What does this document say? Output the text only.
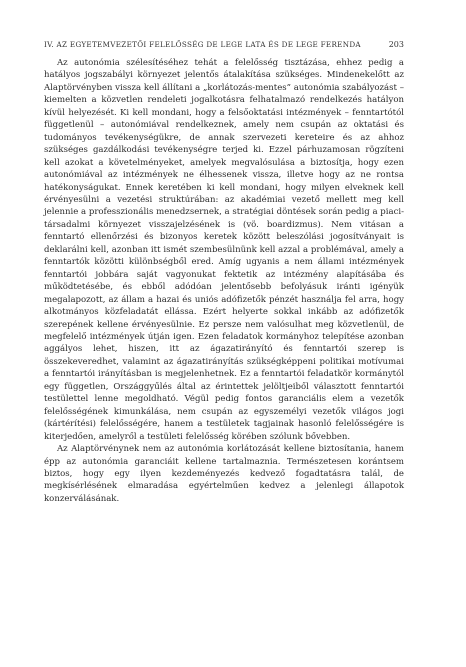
IV. AZ EGYETEMVEZETŐI FELELŐSSÉG DE LEGE LATA ÉS DE LEGE FERENDA	203

Az autonómia szélesítéséhez tehát a felelősség tisztázása, ehhez pedig a hatályos jogszabályi környezet jelentős átalakítása szükséges. Mindenekelőtt az Alaptörvényben vissza kell állítani a „korlátozás-mentes” autonómia szabályozást – kiemelten a közvetlen rendeleti jogalkotásra felhatalmazó rendelkezés hatályon kívül helyezését. Ki kell mondani, hogy a felsőoktatási intézmények – fenntartótól függetlenül – autonómiával rendelkeznek, amely nem csupán az oktatási és tudományos tevékenységükre, de annak szervezeti kereteire és az ahhoz szükséges gazdálkodási tevékenységre terjed ki. Ezzel párhuzamosan rögzíteni kell azokat a követelményeket, amelyek megvalósulása a biztosítja, hogy ezen autonómiával az intézmények ne élhessenek vissza, illetve hogy az ne rontsa hatékonyságukat. Ennek keretében ki kell mondani, hogy milyen elveknek kell érvényesülni a vezetési struktúrában: az akadémiai vezető mellett meg kell jelennie a professzionális menedzsernek, a stratégiai döntések során pedig a piaci-társadalmi környezet visszajelzésének is (vö. boardizmus). Nem vitásan a fenntartó ellenőrzési és bizonyos keretek között beleszólási jogosítványait is deklarálni kell, azonban itt ismét szembesülnünk kell azzal a problémával, amely a fenntartók közötti különbségből ered. Amíg ugyanis a nem állami intézmények fenntartói jobbára saját vagyonukat fektetik az intézmény alapításába és működtetésébe, és ebből adódóan jelentősebb befolyásuk iránti igényük megalapozott, az állam a hazai és uniós adófizetők pénzét használja fel arra, hogy alkotmányos közfeladatát ellássa. Ezért helyerte sokkal inkább az adófizetők szerepének kellene érvényesülnie. Ez persze nem valósulhat meg közvetlenül, de megfelelő intézmények útján igen. Ezen feladatok kormányhoz telepítése azonban aggályos lehet, hiszen, itt az ágazatirányító és fenntartói szerep is összekeveredhet, valamint az ágazatirányítás szükségképpeni politikai motívumai a fenntartói irányításban is megjelenhetnek. Ez a fenntartói feladatkör kormánytól egy független, Országgyűlés által az érintettek jelöltjeiből választott fenntartói testülettel lenne megoldható. Végül pedig fontos garanciális elem a vezetők felelősségének kimunkálása, nem csupán az egyszemélyi vezetők világos jogi (kártérítési) felelősségére, hanem a testületek tagjainak hasonló felelősségére is kiterjedően, amelyről a testületi felelősség körében szólunk bővebben.

Az Alaptörvénynek nem az autonómia korlátozását kellene biztosítania, hanem épp az autonómia garanciáit kellene tartalmaznia. Természetesen korántsem biztos, hogy egy ilyen kezdeményezés kedvező fogadtatásra talál, de megkísérlésének elmaradása egyértelműen kedvez a jelenlegi állapotok konzerválásának.
